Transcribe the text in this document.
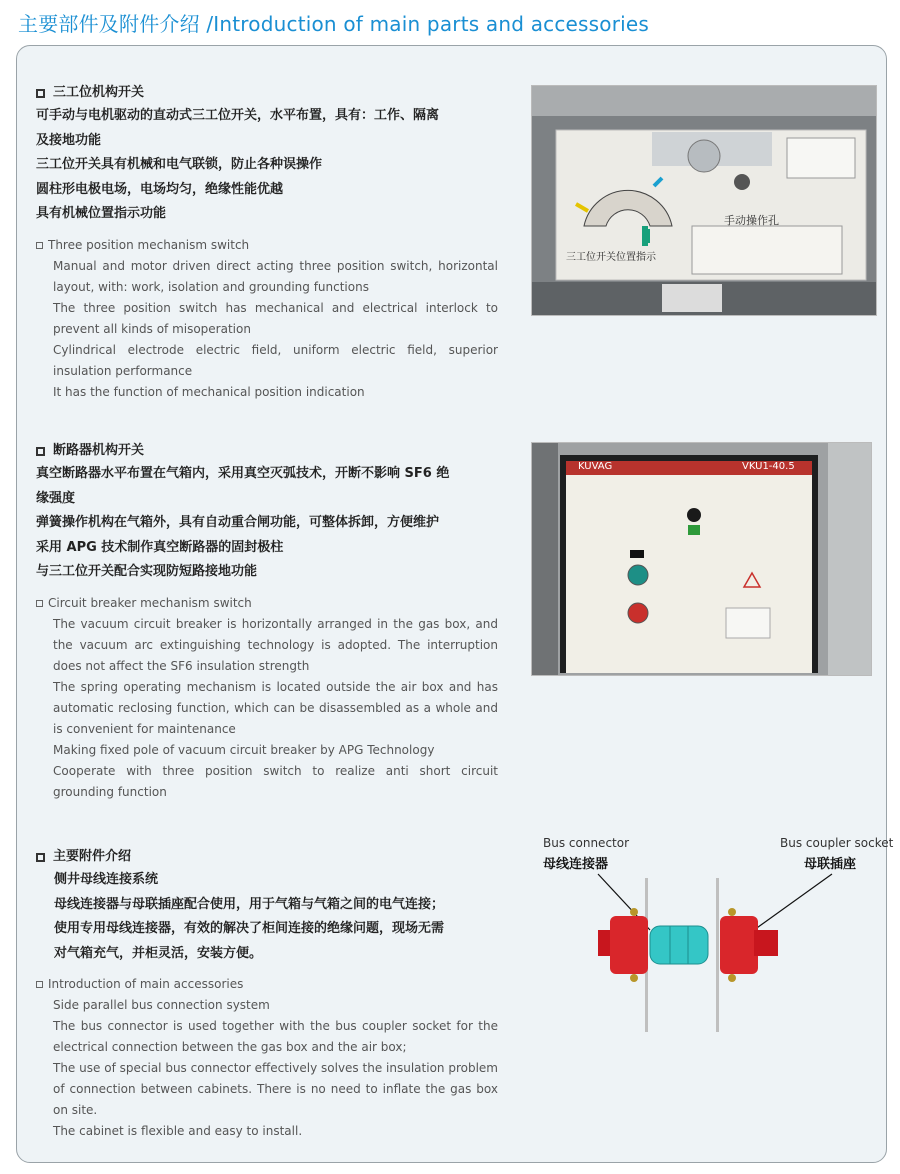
主要部件及附件介绍 /Introduction of main parts and accessories
三工位机构开关
可手动与电机驱动的直动式三工位开关，水平布置，具有：工作、隔离
及接地功能
三工位开关具有机械和电气联锁，防止各种误操作
圆柱形电极电场，电场均匀，绝缘性能优越
具有机械位置指示功能
Three position mechanism switch
Manual and motor driven direct acting three position switch, horizontal layout, with: work, isolation and grounding functions
The three position switch has mechanical and electrical interlock to prevent all kinds of misoperation
Cylindrical electrode electric field, uniform electric field, superior insulation performance
It has the function of mechanical position indication
三工位开关位置指示
手动操作孔
断路器机构开关
真空断路器水平布置在气箱内，采用真空灭弧技术，开断不影响 SF6 绝
缘强度
弹簧操作机构在气箱外，具有自动重合闸功能，可整体拆卸，方便维护
采用 APG 技术制作真空断路器的固封极柱
与三工位开关配合实现防短路接地功能
Circuit breaker mechanism switch
The vacuum circuit breaker is horizontally arranged in the gas box, and the vacuum arc extinguishing technology is adopted. The interruption does not affect the SF6 insulation strength
The spring operating mechanism is located outside the air box and has automatic reclosing function, which can be disassembled as a whole and is convenient for maintenance
Making fixed pole of vacuum circuit breaker by APG Technology
Cooperate with three position switch to realize anti short circuit grounding function
KUVAG	VKU1-40.5
主要附件介绍
侧井母线连接系统
母线连接器与母联插座配合使用，用于气箱与气箱之间的电气连接；
使用专用母线连接器，有效的解决了柜间连接的绝缘问题，现场无需
对气箱充气，并柜灵活，安装方便。
Introduction of main accessories
Side parallel bus connection system
The bus connector is used together with the bus coupler socket for the electrical connection between the gas box and the air box;
The use of special bus connector effectively solves the insulation problem of connection between cabinets. There is no need to inflate the gas box on site.
The cabinet is flexible and easy to install.
Bus connector
母线连接器
Bus coupler socket
母联插座
